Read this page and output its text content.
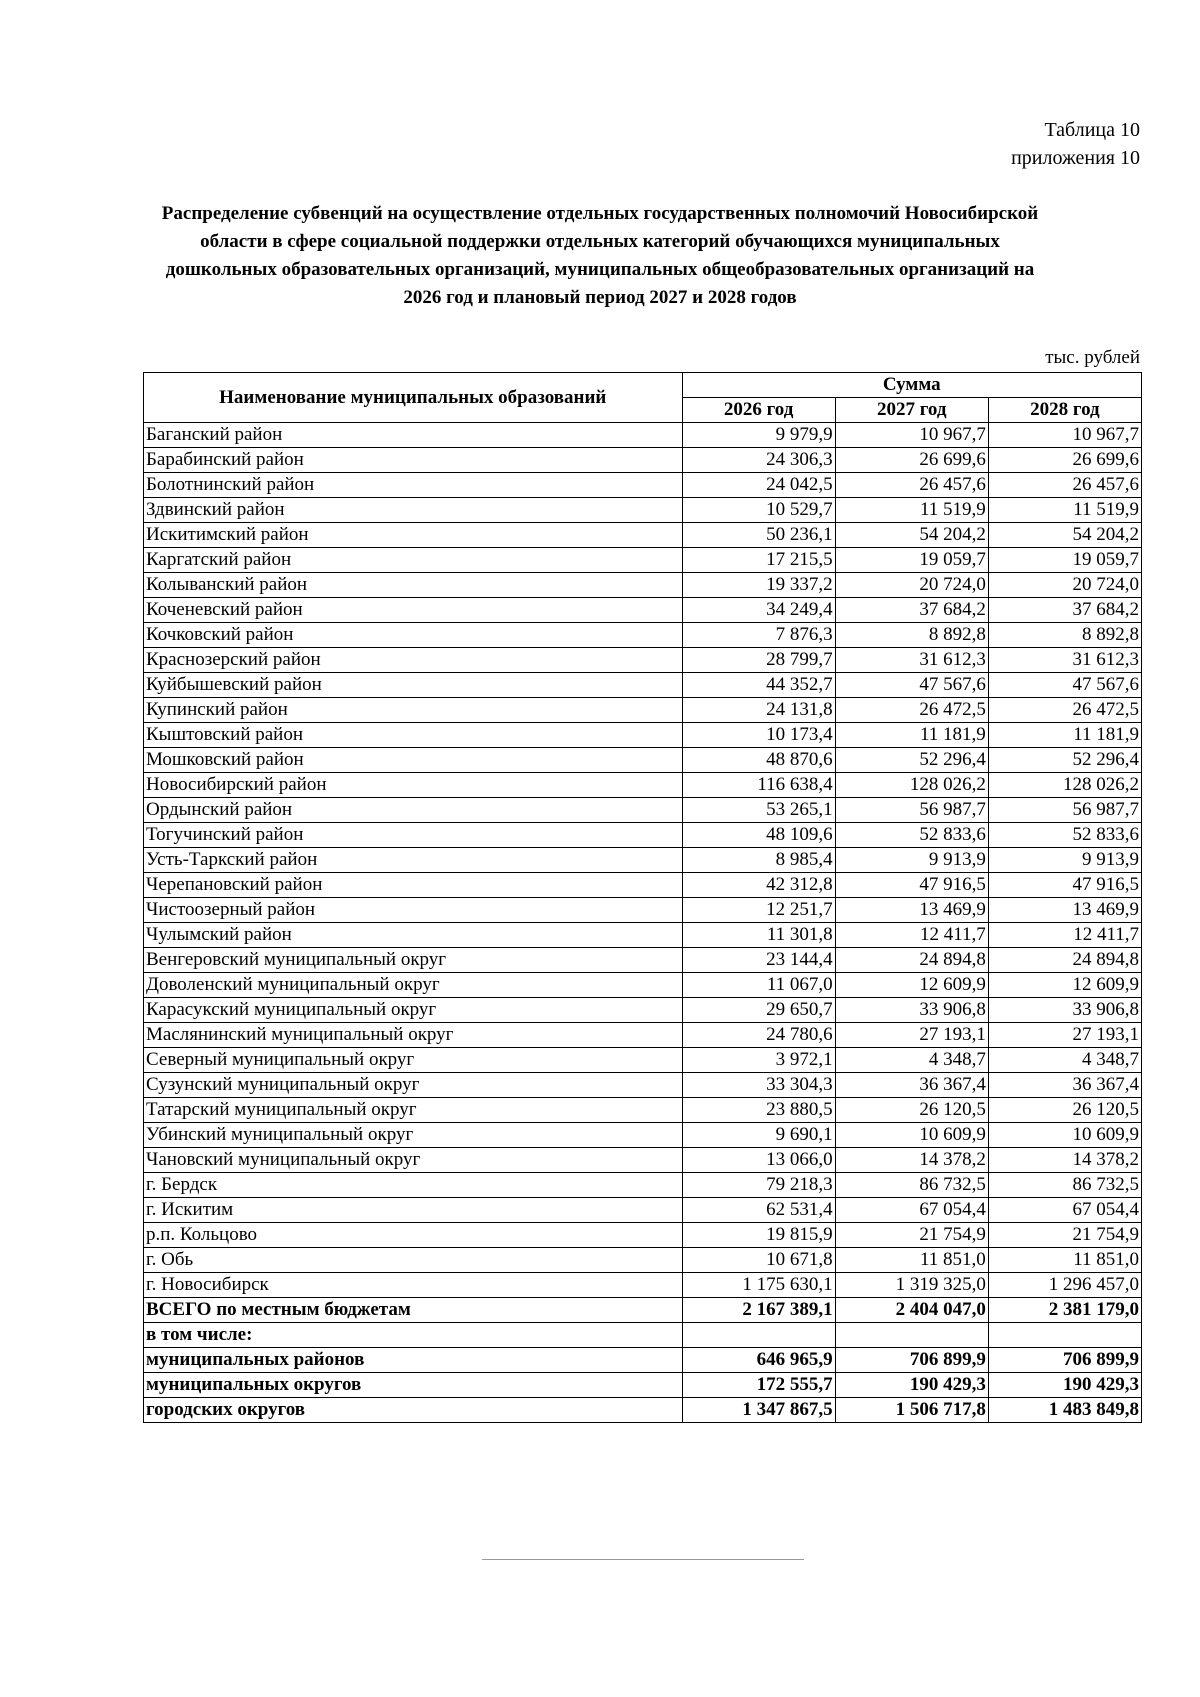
Таблица 10
приложения 10
Распределение субвенций на осуществление отдельных государственных полномочий Новосибирской
области в сфере социальной поддержки отдельных категорий обучающихся муниципальных
дошкольных образовательных организаций, муниципальных общеобразовательных организаций на
2026 год и плановый период 2027 и 2028 годов
тыс. рублей
Наименование муниципальных образований	Сумма		
	2026 год	2027 год	2028 год
Баганский район	9 979,9	10 967,7	10 967,7
Барабинский район	24 306,3	26 699,6	26 699,6
Болотнинский район	24 042,5	26 457,6	26 457,6
Здвинский район	10 529,7	11 519,9	11 519,9
Искитимский район	50 236,1	54 204,2	54 204,2
Каргатский район	17 215,5	19 059,7	19 059,7
Колыванский район	19 337,2	20 724,0	20 724,0
Коченевский район	34 249,4	37 684,2	37 684,2
Кочковский район	7 876,3	8 892,8	8 892,8
Краснозерский район	28 799,7	31 612,3	31 612,3
Куйбышевский район	44 352,7	47 567,6	47 567,6
Купинский район	24 131,8	26 472,5	26 472,5
Кыштовский район	10 173,4	11 181,9	11 181,9
Мошковский район	48 870,6	52 296,4	52 296,4
Новосибирский район	116 638,4	128 026,2	128 026,2
Ордынский район	53 265,1	56 987,7	56 987,7
Тогучинский район	48 109,6	52 833,6	52 833,6
Усть-Таркский район	8 985,4	9 913,9	9 913,9
Черепановский район	42 312,8	47 916,5	47 916,5
Чистоозерный район	12 251,7	13 469,9	13 469,9
Чулымский район	11 301,8	12 411,7	12 411,7
Венгеровский муниципальный округ	23 144,4	24 894,8	24 894,8
Доволенский муниципальный округ	11 067,0	12 609,9	12 609,9
Карасукский муниципальный округ	29 650,7	33 906,8	33 906,8
Маслянинский муниципальный округ	24 780,6	27 193,1	27 193,1
Северный муниципальный округ	3 972,1	4 348,7	4 348,7
Сузунский муниципальный округ	33 304,3	36 367,4	36 367,4
Татарский муниципальный округ	23 880,5	26 120,5	26 120,5
Убинский муниципальный округ	9 690,1	10 609,9	10 609,9
Чановский муниципальный округ	13 066,0	14 378,2	14 378,2
г. Бердск	79 218,3	86 732,5	86 732,5
г. Искитим	62 531,4	67 054,4	67 054,4
р.п. Кольцово	19 815,9	21 754,9	21 754,9
г. Обь	10 671,8	11 851,0	11 851,0
г. Новосибирск	1 175 630,1	1 319 325,0	1 296 457,0
ВСЕГО по местным бюджетам	2 167 389,1	2 404 047,0	2 381 179,0
в том числе:			
муниципальных районов	646 965,9	706 899,9	706 899,9
муниципальных округов	172 555,7	190 429,3	190 429,3
городских округов	1 347 867,5	1 506 717,8	1 483 849,8
